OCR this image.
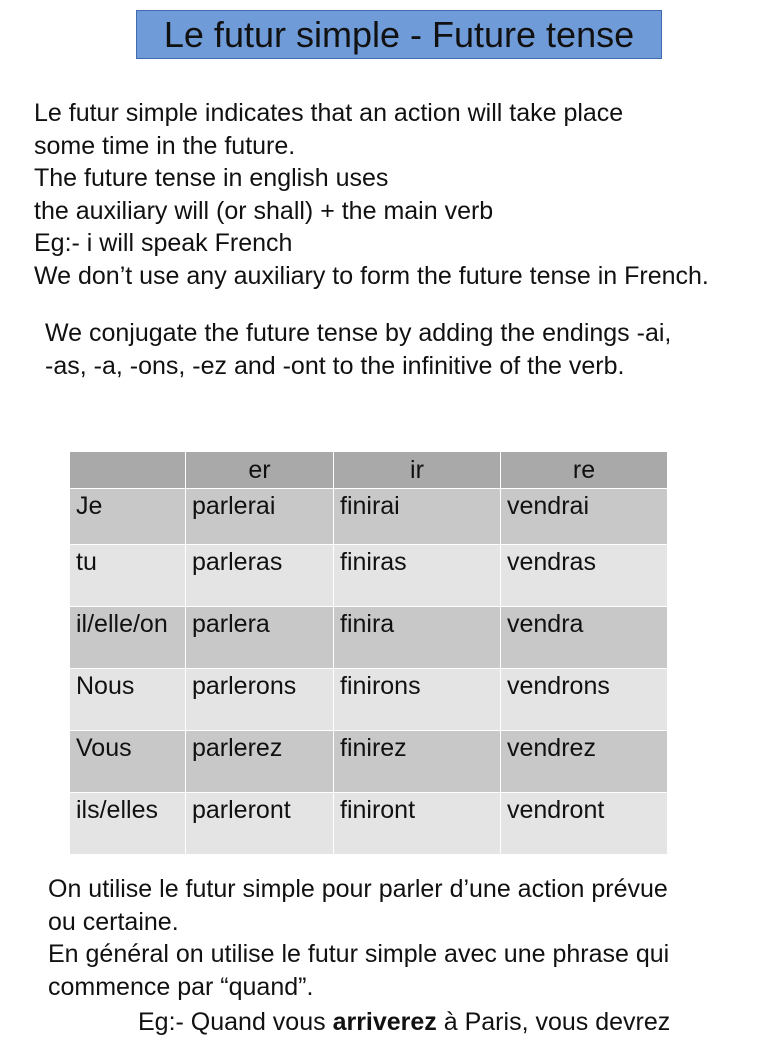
Le futur simple - Future tense

Le futur simple indicates that an action will take place
some time in the future.
The future tense in english uses
the auxiliary will (or shall) + the main verb
Eg:- i will speak French
We don’t use any auxiliary to form the future tense in French.

We conjugate the future tense by adding the endings -ai,
-as, -a, -ons, -ez and -ont to the infinitive of the verb.

	er	ir	re
Je	parlerai	finirai	vendrai
tu	parleras	finiras	vendras
il/elle/on	parlera	finira	vendra
Nous	parlerons	finirons	vendrons
Vous	parlerez	finirez	vendrez
ils/elles	parleront	finiront	vendront

On utilise le futur simple pour parler d’une action prévue
ou certaine.
En général on utilise le futur simple avec une phrase qui
commence par “quand”.

Eg:- Quand vous arriverez à Paris, vous devrez
